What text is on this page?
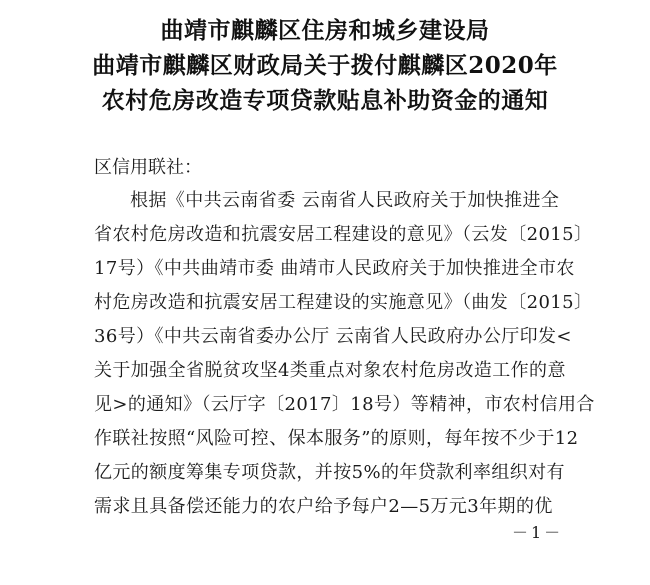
曲靖市麒麟区住房和城乡建设局
曲靖市麒麟区财政局关于拨付麒麟区2020年
农村危房改造专项贷款贴息补助资金的通知
区信用联社：
根据《中共云南省委 云南省人民政府关于加快推进全
省农村危房改造和抗震安居工程建设的意见》（云发〔2015〕
17号）《中共曲靖市委 曲靖市人民政府关于加快推进全市农
村危房改造和抗震安居工程建设的实施意见》（曲发〔2015〕
36号）《中共云南省委办公厅 云南省人民政府办公厅印发<
关于加强全省脱贫攻坚4类重点对象农村危房改造工作的意
见>的通知》（云厅字〔2017〕18号）等精神，市农村信用合
作联社按照“风险可控、保本服务”的原则，每年按不少于12
亿元的额度筹集专项贷款，并按5%的年贷款利率组织对有
需求且具备偿还能力的农户给予每户2—5万元3年期的优
－1－
